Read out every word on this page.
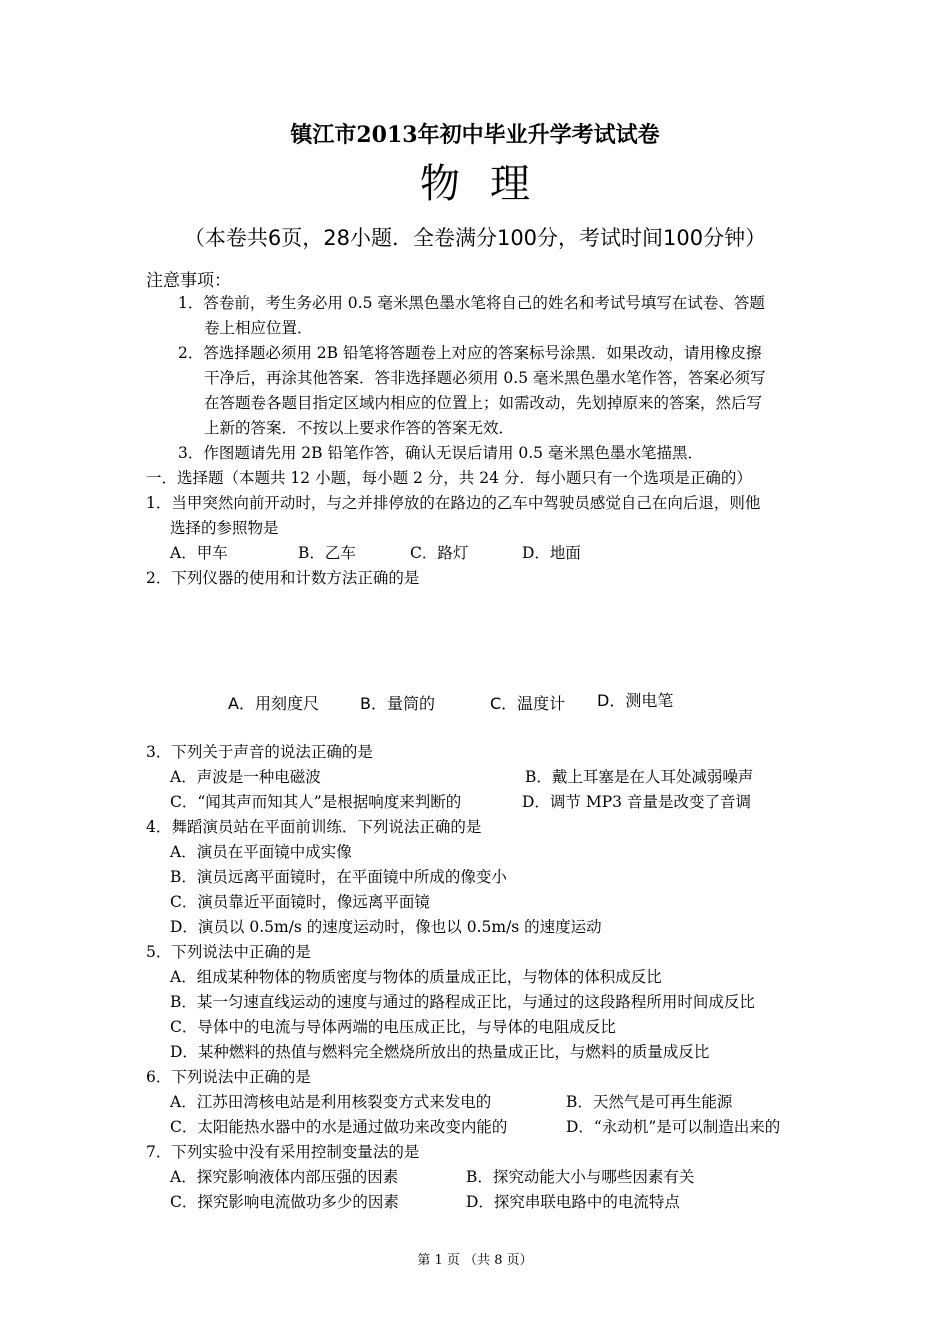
镇江市2013年初中毕业升学考试试卷
物理
（本卷共6页，28小题．全卷满分100分，考试时间100分钟）
注意事项：
1．答卷前，考生务必用 0.5 毫米黑色墨水笔将自己的姓名和考试号填写在试卷、答题
卷上相应位置．
2．答选择题必须用 2B 铅笔将答题卷上对应的答案标号涂黑．如果改动，请用橡皮擦
干净后，再涂其他答案．答非选择题必须用 0.5 毫米黑色墨水笔作答，答案必须写
在答题卷各题目指定区域内相应的位置上；如需改动，先划掉原来的答案，然后写
上新的答案．不按以上要求作答的答案无效．
3．作图题请先用 2B 铅笔作答，确认无误后请用 0.5 毫米黑色墨水笔描黑．
一．选择题（本题共 12 小题，每小题 2 分，共 24 分．每小题只有一个选项是正确的）
1．当甲突然向前开动时，与之并排停放的在路边的乙车中驾驶员感觉自己在向后退，则他
选择的参照物是
A．甲车	B．乙车	C．路灯	D．地面
2．下列仪器的使用和计数方法正确的是
A．用刻度尺	B．量筒的	C．温度计 D．测电笔
3．下列关于声音的说法正确的是
A．声波是一种电磁波	B．戴上耳塞是在人耳处减弱噪声
C．“闻其声而知其人”是根据响度来判断的	D．调节 MP3 音量是改变了音调
4．舞蹈演员站在平面前训练．下列说法正确的是
A．演员在平面镜中成实像
B．演员远离平面镜时，在平面镜中所成的像变小
C．演员靠近平面镜时，像远离平面镜
D．演员以 0.5m/s 的速度运动时，像也以 0.5m/s 的速度运动
5．下列说法中正确的是
A．组成某种物体的物质密度与物体的质量成正比，与物体的体积成反比
B．某一匀速直线运动的速度与通过的路程成正比，与通过的这段路程所用时间成反比
C．导体中的电流与导体两端的电压成正比，与导体的电阻成反比
D．某种燃料的热值与燃料完全燃烧所放出的热量成正比，与燃料的质量成反比
6．下列说法中正确的是
A．江苏田湾核电站是利用核裂变方式来发电的	B．天然气是可再生能源
C．太阳能热水器中的水是通过做功来改变内能的	D．“永动机”是可以制造出来的
7．下列实验中没有采用控制变量法的是
A．探究影响液体内部压强的因素	B．探究动能大小与哪些因素有关
C．探究影响电流做功多少的因素	D．探究串联电路中的电流特点
第 1 页 （共 8 页）
